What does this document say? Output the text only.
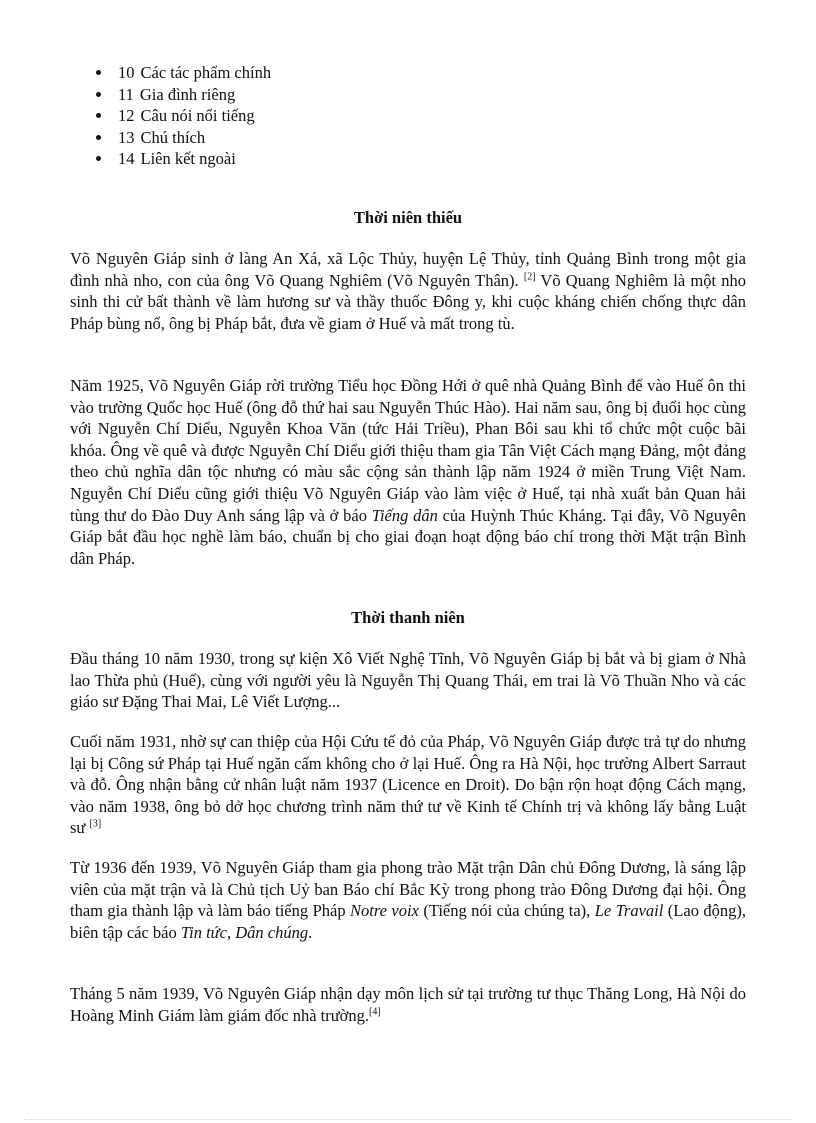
10 Các tác phẩm chính
11 Gia đình riêng
12 Câu nói nổi tiếng
13 Chú thích
14 Liên kết ngoài
Thời niên thiếu

Võ Nguyên Giáp sinh ở làng An Xá, xã Lộc Thủy, huyện Lệ Thủy, tỉnh Quảng Bình trong một gia đình nhà nho, con của ông Võ Quang Nghiêm (Võ Nguyên Thân). [2] Võ Quang Nghiêm là một nho sinh thi cử bất thành về làm hương sư và thầy thuốc Đông y, khi cuộc kháng chiến chống thực dân Pháp bùng nổ, ông bị Pháp bắt, đưa về giam ở Huế và mất trong tù.

Năm 1925, Võ Nguyên Giáp rời trường Tiểu học Đồng Hới ở quê nhà Quảng Bình để vào Huế ôn thi vào trường Quốc học Huế (ông đỗ thứ hai sau Nguyễn Thúc Hào). Hai năm sau, ông bị đuổi học cùng với Nguyễn Chí Diểu, Nguyễn Khoa Văn (tức Hải Triều), Phan Bôi sau khi tổ chức một cuộc bãi khóa. Ông về quê và được Nguyễn Chí Diểu giới thiệu tham gia Tân Việt Cách mạng Đảng, một đảng theo chủ nghĩa dân tộc nhưng có màu sắc cộng sản thành lập năm 1924 ở miền Trung Việt Nam. Nguyễn Chí Diểu cũng giới thiệu Võ Nguyên Giáp vào làm việc ở Huế, tại nhà xuất bản Quan hải tùng thư do Đào Duy Anh sáng lập và ở báo Tiếng dân của Huỳnh Thúc Kháng. Tại đây, Võ Nguyên Giáp bắt đầu học nghề làm báo, chuẩn bị cho giai đoạn hoạt động báo chí trong thời Mặt trận Bình dân Pháp.

Thời thanh niên

Đầu tháng 10 năm 1930, trong sự kiện Xô Viết Nghệ Tĩnh, Võ Nguyên Giáp bị bắt và bị giam ở Nhà lao Thừa phủ (Huế), cùng với người yêu là Nguyễn Thị Quang Thái, em trai là Võ Thuần Nho và các giáo sư Đặng Thai Mai, Lê Viết Lượng...

Cuối năm 1931, nhờ sự can thiệp của Hội Cứu tế đỏ của Pháp, Võ Nguyên Giáp được trả tự do nhưng lại bị Công sứ Pháp tại Huế ngăn cấm không cho ở lại Huế. Ông ra Hà Nội, học trường Albert Sarraut và đỗ. Ông nhận bằng cử nhân luật năm 1937 (Licence en Droit). Do bận rộn hoạt động Cách mạng, vào năm 1938, ông bỏ dở học chương trình năm thứ tư về Kinh tế Chính trị và không lấy bằng Luật sư [3]

Từ 1936 đến 1939, Võ Nguyên Giáp tham gia phong trào Mặt trận Dân chủ Đông Dương, là sáng lập viên của mặt trận và là Chủ tịch Uỷ ban Báo chí Bắc Kỳ trong phong trào Đông Dương đại hội. Ông tham gia thành lập và làm báo tiếng Pháp Notre voix (Tiếng nói của chúng ta), Le Travail (Lao động), biên tập các báo Tin tức, Dân chúng.

Tháng 5 năm 1939, Võ Nguyên Giáp nhận dạy môn lịch sử tại trường tư thục Thăng Long, Hà Nội do Hoàng Minh Giám làm giám đốc nhà trường.[4]
